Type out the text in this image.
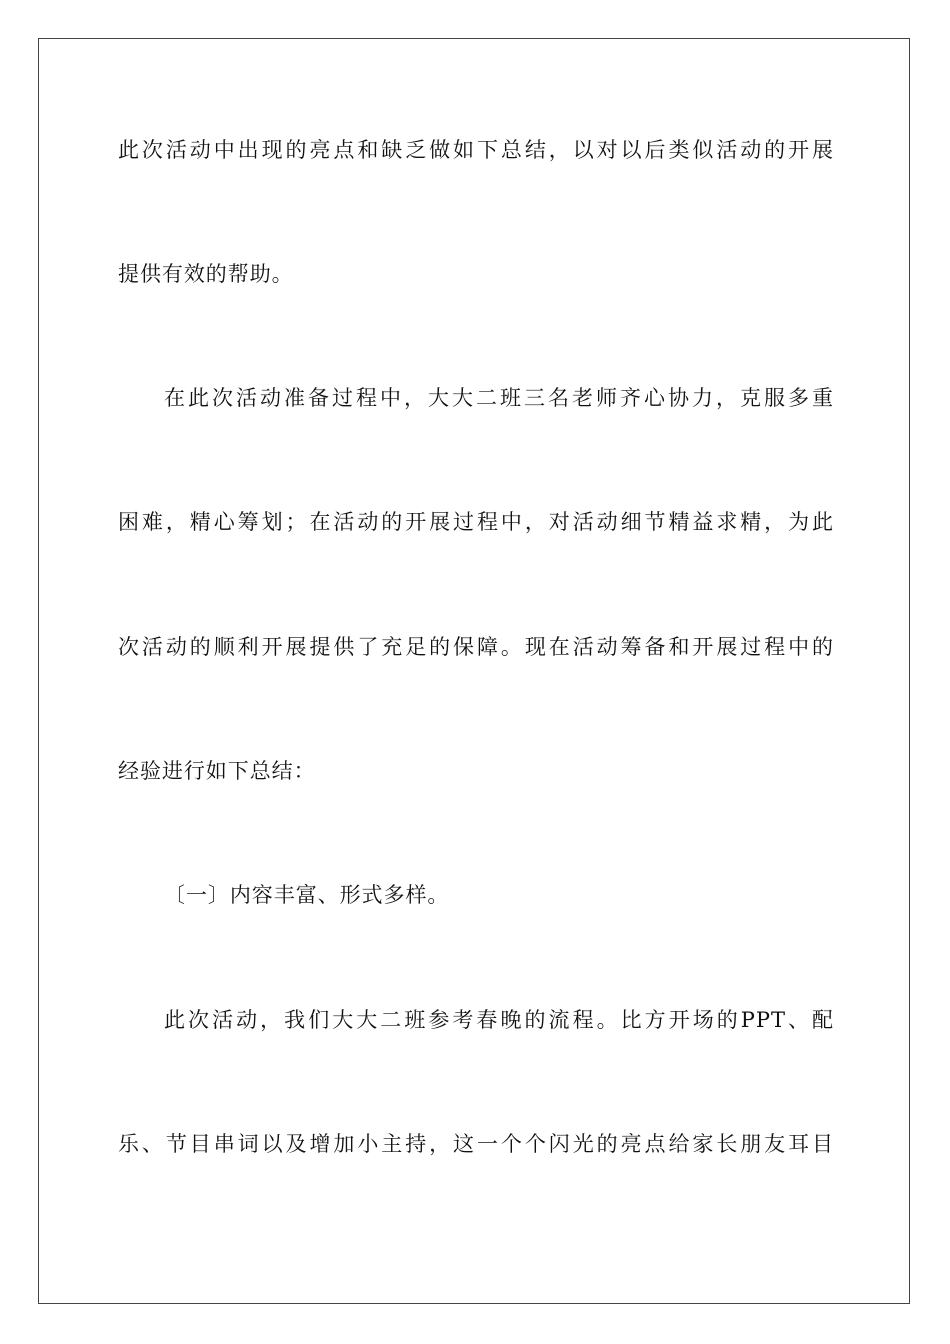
此次活动中出现的亮点和缺乏做如下总结，以对以后类似活动的开展
提供有效的帮助。
在此次活动准备过程中，大大二班三名老师齐心协力，克服多重
困难，精心筹划；在活动的开展过程中，对活动细节精益求精，为此
次活动的顺利开展提供了充足的保障。现在活动筹备和开展过程中的
经验进行如下总结：
〔一〕内容丰富、形式多样。
此次活动，我们大大二班参考春晚的流程。比方开场的PPT、配
乐、节目串词以及增加小主持，这一个个闪光的亮点给家长朋友耳目
